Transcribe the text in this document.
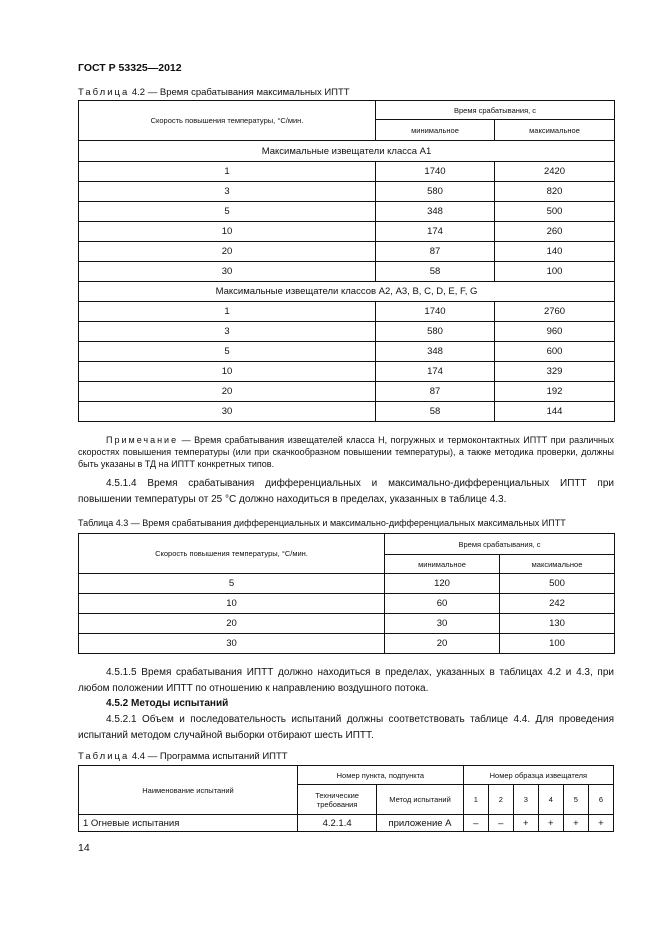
ГОСТ Р 53325—2012
Таблица 4.2 — Время срабатывания максимальных ИПТТ
Скорость повышения температуры, °С/мин.	Время срабатывания, с	
	минимальное	максимальное
Максимальные извещатели класса А1		
1	1740	2420
3	580	820
5	348	500
10	174	260
20	87	140
30	58	100
Максимальные извещатели классов А2, А3, В, С, D, E, F, G		
1	1740	2760
3	580	960
5	348	600
10	174	329
20	87	192
30	58	144
Примечание — Время срабатывания извещателей класса Н, погружных и термоконтактных ИПТТ при различных скоростях повышения температуры (или при скачкообразном повышении температуры), а также методика проверки, должны быть указаны в ТД на ИПТТ конкретных типов.
4.5.1.4 Время срабатывания дифференциальных и максимально-дифференциальных ИПТТ при повышении температуры от 25 °С должно находиться в пределах, указанных в таблице 4.3.
Таблица 4.3 — Время срабатывания дифференциальных и максимально-дифференциальных максимальных ИПТТ
Скорость повышения температуры, °С/мин.	Время срабатывания, с	
	минимальное	максимальное
5	120	500
10	60	242
20	30	130
30	20	100
4.5.1.5 Время срабатывания ИПТТ должно находиться в пределах, указанных в таблицах 4.2 и 4.3, при любом положении ИПТТ по отношению к направлению воздушного потока.
4.5.2 Методы испытаний
4.5.2.1 Объем и последовательность испытаний должны соответствовать таблице 4.4. Для проведения испытаний методом случайной выборки отбирают шесть ИПТТ.
Таблица 4.4 — Программа испытаний ИПТТ
Наименование испытаний	Номер пункта, подпункта		Номер образца извещателя					
	Технические требования	Метод испытаний	1	2	3	4	5	6
1 Огневые испытания	4.2.1.4	приложение А	–	–	+	+	+	+
14
